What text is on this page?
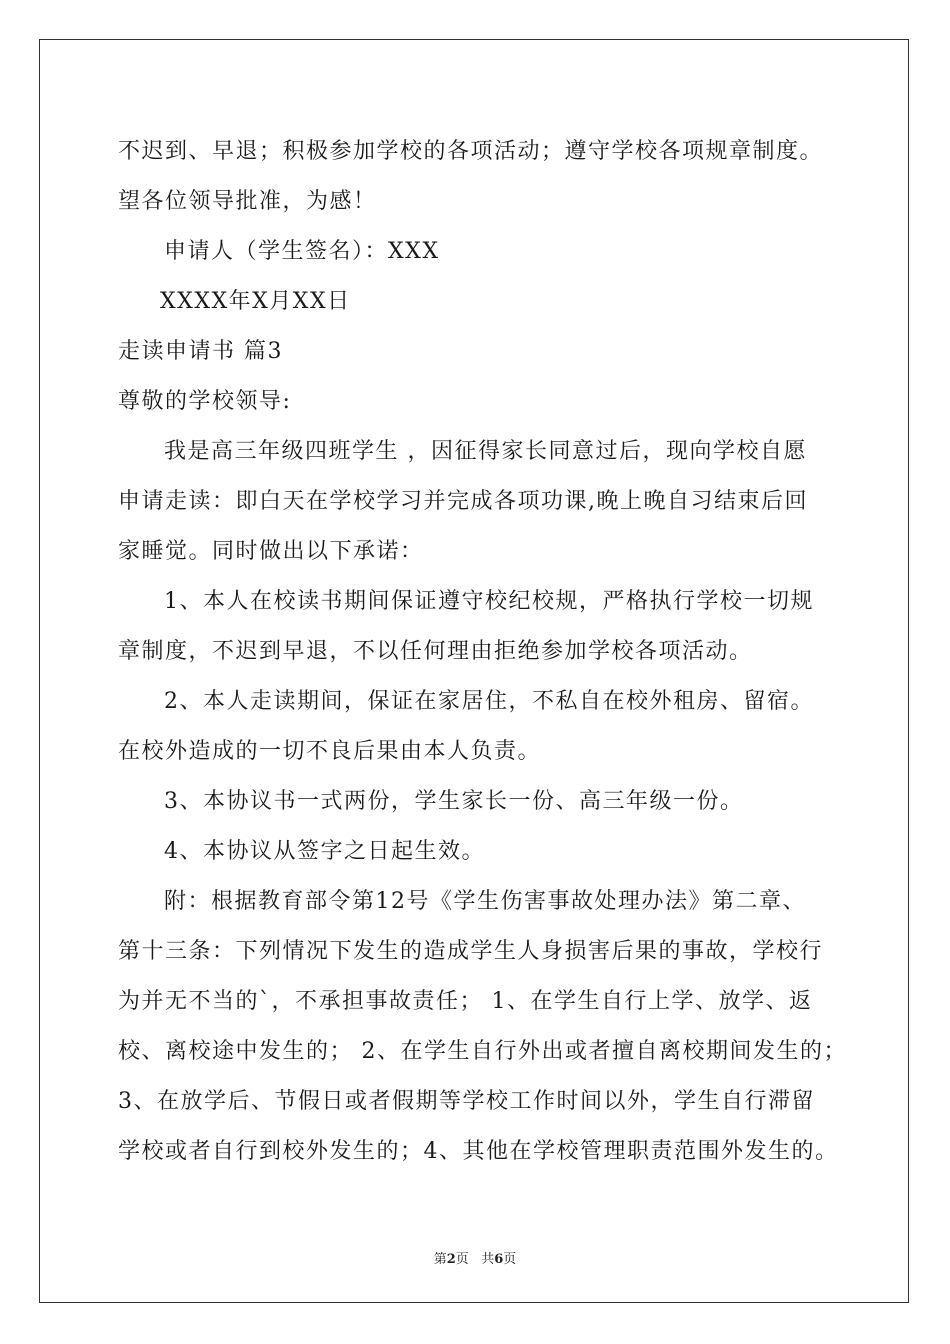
不迟到、早退；积极参加学校的各项活动；遵守学校各项规章制度。
望各位领导批准，为感！
申请人（学生签名）：XXX
XXXX年X月XX日
走读申请书 篇3
尊敬的学校领导:
我是高三年级四班学生 ，因征得家长同意过后，现向学校自愿
申请走读：即白天在学校学习并完成各项功课,晚上晚自习结束后回
家睡觉。同时做出以下承诺：
1、本人在校读书期间保证遵守校纪校规，严格执行学校一切规
章制度，不迟到早退，不以任何理由拒绝参加学校各项活动。
2、本人走读期间，保证在家居住，不私自在校外租房、留宿。
在校外造成的一切不良后果由本人负责。
3、本协议书一式两份，学生家长一份、高三年级一份。
4、本协议从签字之日起生效。
附：根据教育部令第12号《学生伤害事故处理办法》第二章、
第十三条：下列情况下发生的造成学生人身损害后果的事故，学校行
为并无不当的`，不承担事故责任； 1、在学生自行上学、放学、返
校、离校途中发生的； 2、在学生自行外出或者擅自离校期间发生的；
3、在放学后、节假日或者假期等学校工作时间以外，学生自行滞留
学校或者自行到校外发生的；4、其他在学校管理职责范围外发生的。
第2页 共6页
